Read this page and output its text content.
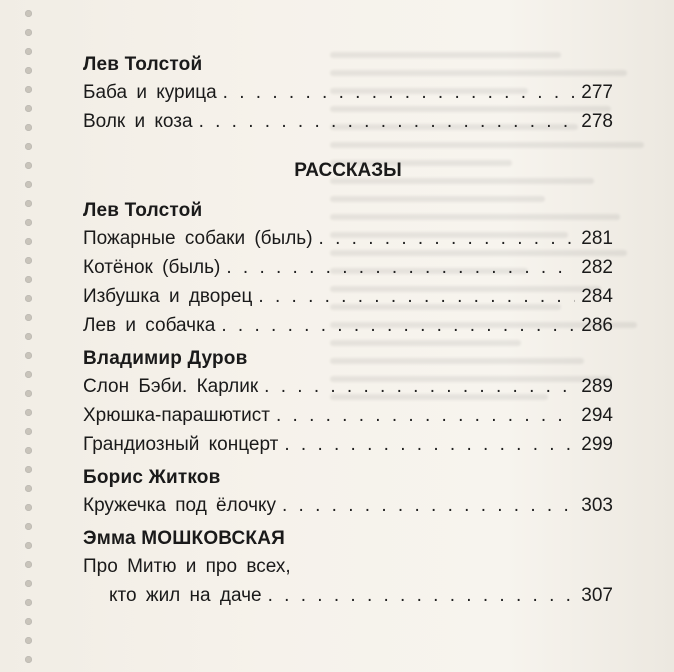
Лев Толстой
Баба и курица . . .	277
Волк и коза . . .	278
РАССКАЗЫ
Лев Толстой
Пожарные собаки (быль) . . .	281
Котёнок (быль) . . .	282
Избушка и дворец . . .	284
Лев и собачка . . .	286
Владимир Дуров
Слон Бэби. Карлик . . .	289
Хрюшка-парашютист . . .	294
Грандиозный концерт . . .	299
Борис Житков
Кружечка под ёлочку . . .	303
Эмма МОШКОВСКАЯ
Про Митю и про всех,
кто жил на даче . . .	307
